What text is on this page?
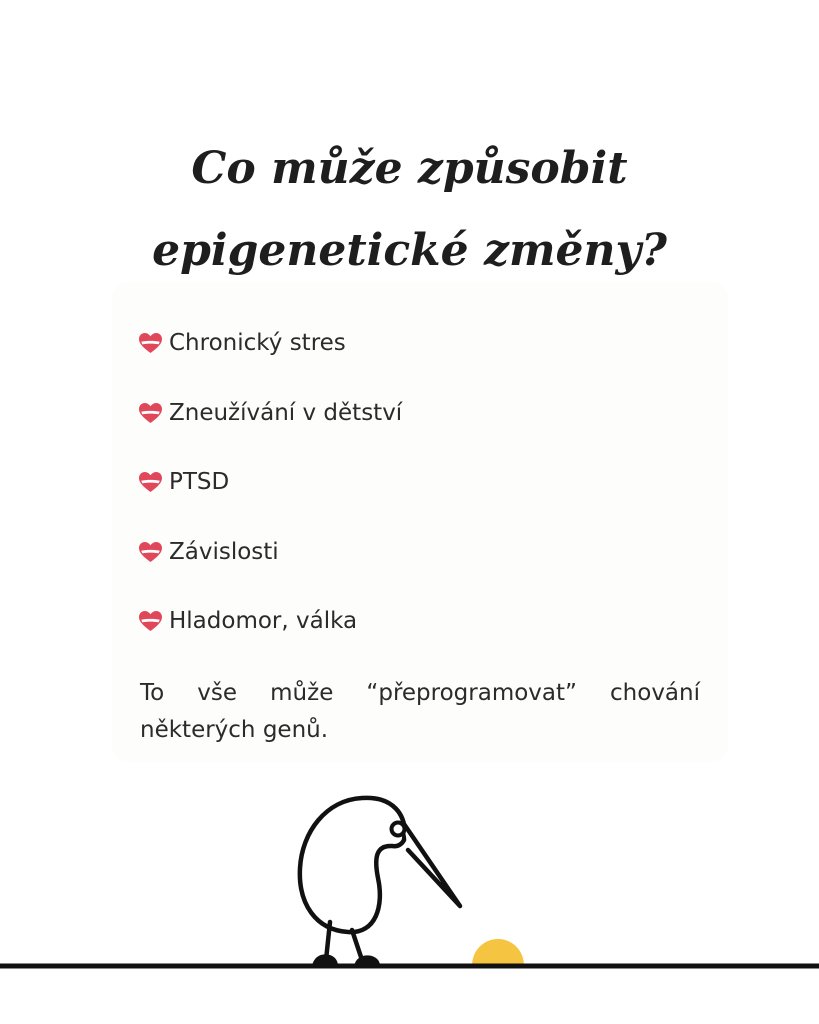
Co může způsobit
epigenetické změny?
Chronický stres
Zneužívání v dětství
PTSD
Závislosti
Hladomor, válka

To vše může “přeprogramovat” chování některých genů.
